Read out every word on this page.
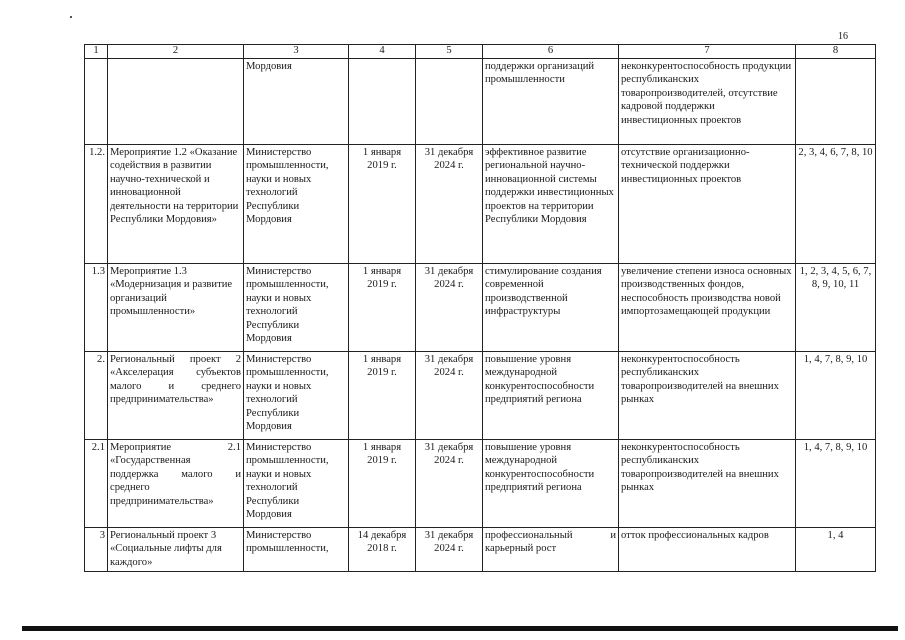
16
1	2	3	4	5	6	7	8
		Мордовия			поддержки организаций промышленности	неконкурентоспособность продукции республиканских товаропроизводителей, отсутствие кадровой поддержки инвестиционных проектов	
1.2.	Мероприятие 1.2 «Оказание содействия в развитии научно-технической и инновационной деятельности на территории Республики Мордовия»	Министерство промышленности, науки и новых технологий Республики Мордовия	1 января 2019 г.	31 декабря 2024 г.	эффективное развитие региональной научно-инновационной системы поддержки инвестиционных проектов на территории Республики Мордовия	отсутствие организационно-технической поддержки инвестиционных проектов	2, 3, 4, 6, 7, 8, 10
1.3	Мероприятие 1.3 «Модернизация и развитие организаций промышленности»	Министерство промышленности, науки и новых технологий Республики Мордовия	1 января 2019 г.	31 декабря 2024 г.	стимулирование создания современной производственной инфраструктуры	увеличение степени износа основных производственных фондов, неспособность производства новой импортозамещающей продукции	1, 2, 3, 4, 5, 6, 7, 8, 9, 10, 11
2.	Региональный проект 2 «Акселерация субъектов малого и среднего предпринимательства»	Министерство промышленности, науки и новых технологий Республики Мордовия	1 января 2019 г.	31 декабря 2024 г.	повышение уровня международной конкурентоспособности предприятий региона	неконкурентоспособность республиканских товаропроизводителей на внешних рынках	1, 4, 7, 8, 9, 10
2.1	Мероприятие 2.1 «Государственная поддержка малого и среднего предпринимательства»	Министерство промышленности, науки и новых технологий Республики Мордовия	1 января 2019 г.	31 декабря 2024 г.	повышение уровня международной конкурентоспособности предприятий региона	неконкурентоспособность республиканских товаропроизводителей на внешних рынках	1, 4, 7, 8, 9, 10
3	Региональный проект 3 «Социальные лифты для каждого»	Министерство промышленности,	14 декабря 2018 г.	31 декабря 2024 г.	профессиональный и карьерный рост	отток профессиональных кадров	1, 4
